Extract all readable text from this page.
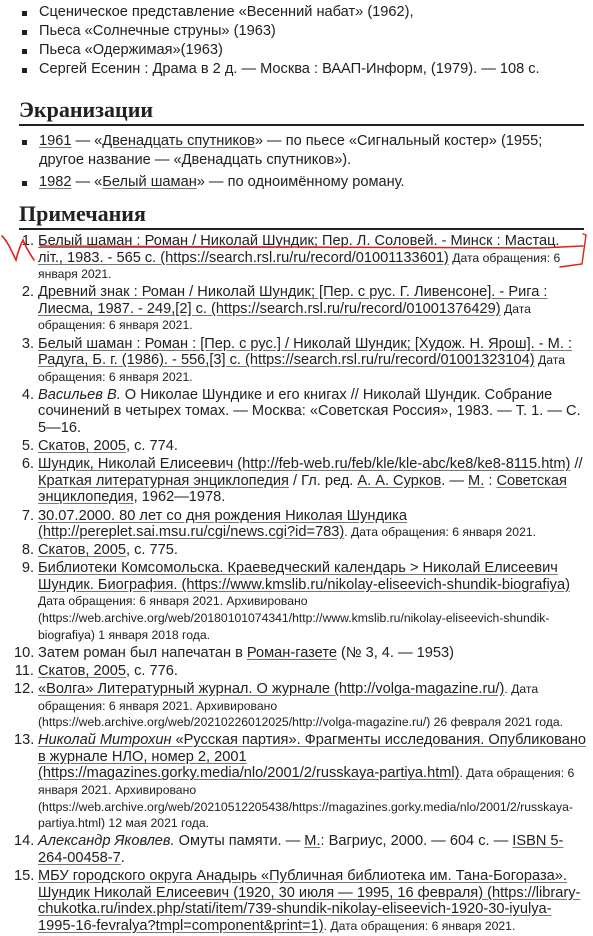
Сценическое представление «Весенний набат» (1962),
Пьеса «Солнечные струны» (1963)
Пьеса «Одержимая»(1963)
Сергей Есенин : Драма в 2 д. — Москва : ВААП-Информ, (1979). — 108 с.
Экранизации
1961 — «Двенадцать спутников» — по пьесе «Сигнальный костер» (1955; другое название — «Двенадцать спутников»).
1982 — «Белый шаман» — по одноимённому роману.
Примечания
1. Белый шаман : Роман / Николай Шундик; Пер. Л. Соловей. - Минск : Мастац. літ., 1983. - 565 с. (https://search.rsl.ru/ru/record/01001133601) Дата обращения: 6 января 2021.
2. Древний знак : Роман / Николай Шундик; [Пер. с рус. Г. Ливенсоне]. - Рига : Лиесма, 1987. - 249,[2] с. (https://search.rsl.ru/ru/record/01001376429) Дата обращения: 6 января 2021.
3. Белый шаман : Роман : [Пер. с рус.] / Николай Шундик; [Худож. Н. Ярош]. - М. : Радуга, Б. г. (1986). - 556,[3] с. (https://search.rsl.ru/ru/record/01001323104) Дата обращения: 6 января 2021.
4. Васильев В. О Николае Шундике и его книгах // Николай Шундик. Собрание сочинений в четырех томах. — Москва: «Советская Россия», 1983. — Т. 1. — С. 5—16.
5. Скатов, 2005, с. 774.
6. Шундик, Николай Елисеевич (http://feb-web.ru/feb/kle/kle-abc/ke8/ke8-8115.htm) // Краткая литературная энциклопедия / Гл. ред. А. А. Сурков. — М. : Советская энциклопедия, 1962—1978.
7. 30.07.2000. 80 лет со дня рождения Николая Шундика (http://pereplet.sai.msu.ru/cgi/news.cgi?id=783). Дата обращения: 6 января 2021.
8. Скатов, 2005, с. 775.
9. Библиотеки Комсомольска. Краеведческий календарь > Николай Елисеевич Шундик. Биография. (https://www.kmslib.ru/nikolay-eliseevich-shundik-biografiya) Дата обращения: 6 января 2021. Архивировано (https://web.archive.org/web/20180101074341/http://www.kmslib.ru/nikolay-eliseevich-shundik-biografiya) 1 января 2018 года.
10. Затем роман был напечатан в Роман-газете (№ 3, 4. — 1953)
11. Скатов, 2005, с. 776.
12. «Волга» Литературный журнал. О журнале (http://volga-magazine.ru/). Дата обращения: 6 января 2021. Архивировано (https://web.archive.org/web/20210226012025/http://volga-magazine.ru/) 26 февраля 2021 года.
13. Николай Митрохин «Русская партия». Фрагменты исследования. Опубликовано в журнале НЛО, номер 2, 2001 (https://magazines.gorky.media/nlo/2001/2/russkaya-partiya.html). Дата обращения: 6 января 2021. Архивировано (https://web.archive.org/web/20210512205438/https://magazines.gorky.media/nlo/2001/2/russkaya-partiya.html) 12 мая 2021 года.
14. Александр Яковлев. Омуты памяти. — М.: Вагриус, 2000. — 604 с. — ISBN 5-264-00458-7.
15. МБУ городского округа Анадырь «Публичная библиотека им. Тана-Богораза». Шундик Николай Елисеевич (1920, 30 июля — 1995, 16 февраля) (https://library-chukotka.ru/index.php/stati/item/739-shundik-nikolay-eliseevich-1920-30-iyulya-1995-16-fevralya?tmpl=component&print=1). Дата обращения: 6 января 2021.
